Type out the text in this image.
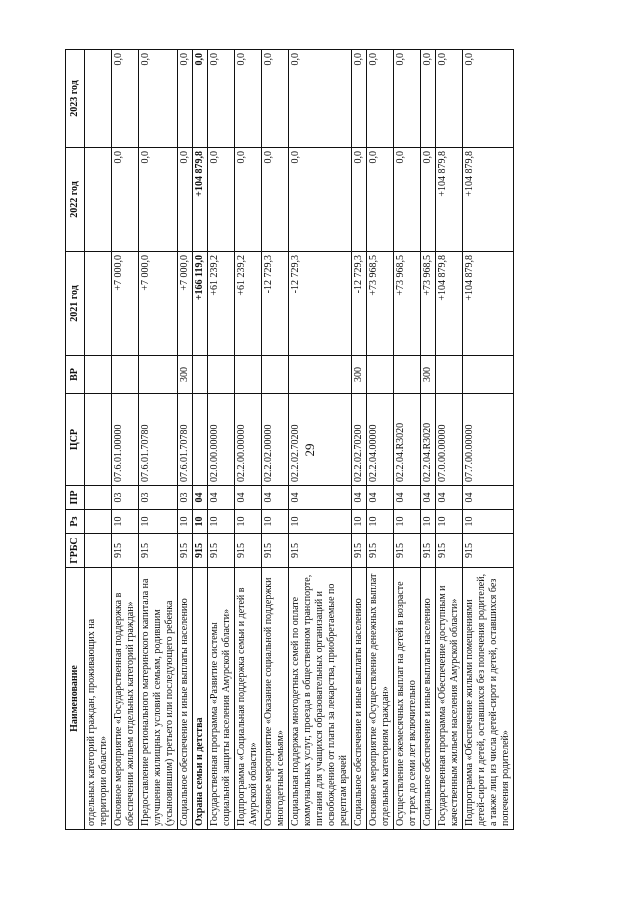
29
Наименование	ГРБС	Рз	ПР	ЦСР	ВР	2021 год	2022 год	2023 год
отдельных категорий граждан, проживающих на территории области»								
Основное мероприятие «Государственная поддержка в обеспечении жильем отдельных категорий граждан»	915	10	03	07.6.01.00000		+7 000,0	0,0	0,0
Предоставление регионального материнского капитала на улучшение жилищных условий семьям, родившим (усыновившим) третьего или последующего ребенка	915	10	03	07.6.01.70780		+7 000,0	0,0	0,0
Социальное обеспечение и иные выплаты населению	915	10	03	07.6.01.70780	300	+7 000,0	0,0	0,0
Охрана семьи и детства	915	10	04			+166 119,0	+104 879,8	0,0
Государственная программа «Развитие системы социальной защиты населения Амурской области»	915	10	04	02.0.00.00000		+61 239,2	0,0	0,0
Подпрограмма «Социальная поддержка семьи и детей в Амурской области»	915	10	04	02.2.00.00000		+61 239,2	0,0	0,0
Основное мероприятие «Оказание социальной поддержки многодетным семьям»	915	10	04	02.2.02.00000		-12 729,3	0,0	0,0
Социальная поддержка многодетных семей по оплате коммунальных услуг, проезда в общественном транспорте, питания для учащихся образовательных организаций и освобождению от платы за лекарства, приобретаемые по рецептам врачей	915	10	04	02.2.02.70200		-12 729,3	0,0	0,0
Социальное обеспечение и иные выплаты населению	915	10	04	02.2.02.70200	300	-12 729,3	0,0	0,0
Основное мероприятие «Осуществление денежных выплат отдельным категориям граждан»	915	10	04	02.2.04.00000		+73 968,5	0,0	0,0
Осуществление ежемесячных выплат на детей в возрасте от трех до семи лет включительно	915	10	04	02.2.04.R3020		+73 968,5	0,0	0,0
Социальное обеспечение и иные выплаты населению	915	10	04	02.2.04.R3020	300	+73 968,5	0,0	0,0
Государственная программа «Обеспечение доступным и качественным жильем населения Амурской области»	915	10	04	07.0.00.00000		+104 879,8	+104 879,8	0,0
Подпрограмма «Обеспечение жилыми помещениями детей-сирот и детей, оставшихся без попечения родителей, а также лиц из числа детей-сирот и детей, оставшихся без попечения родителей»	915	10	04	07.7.00.00000		+104 879,8	+104 879,8	0,0
